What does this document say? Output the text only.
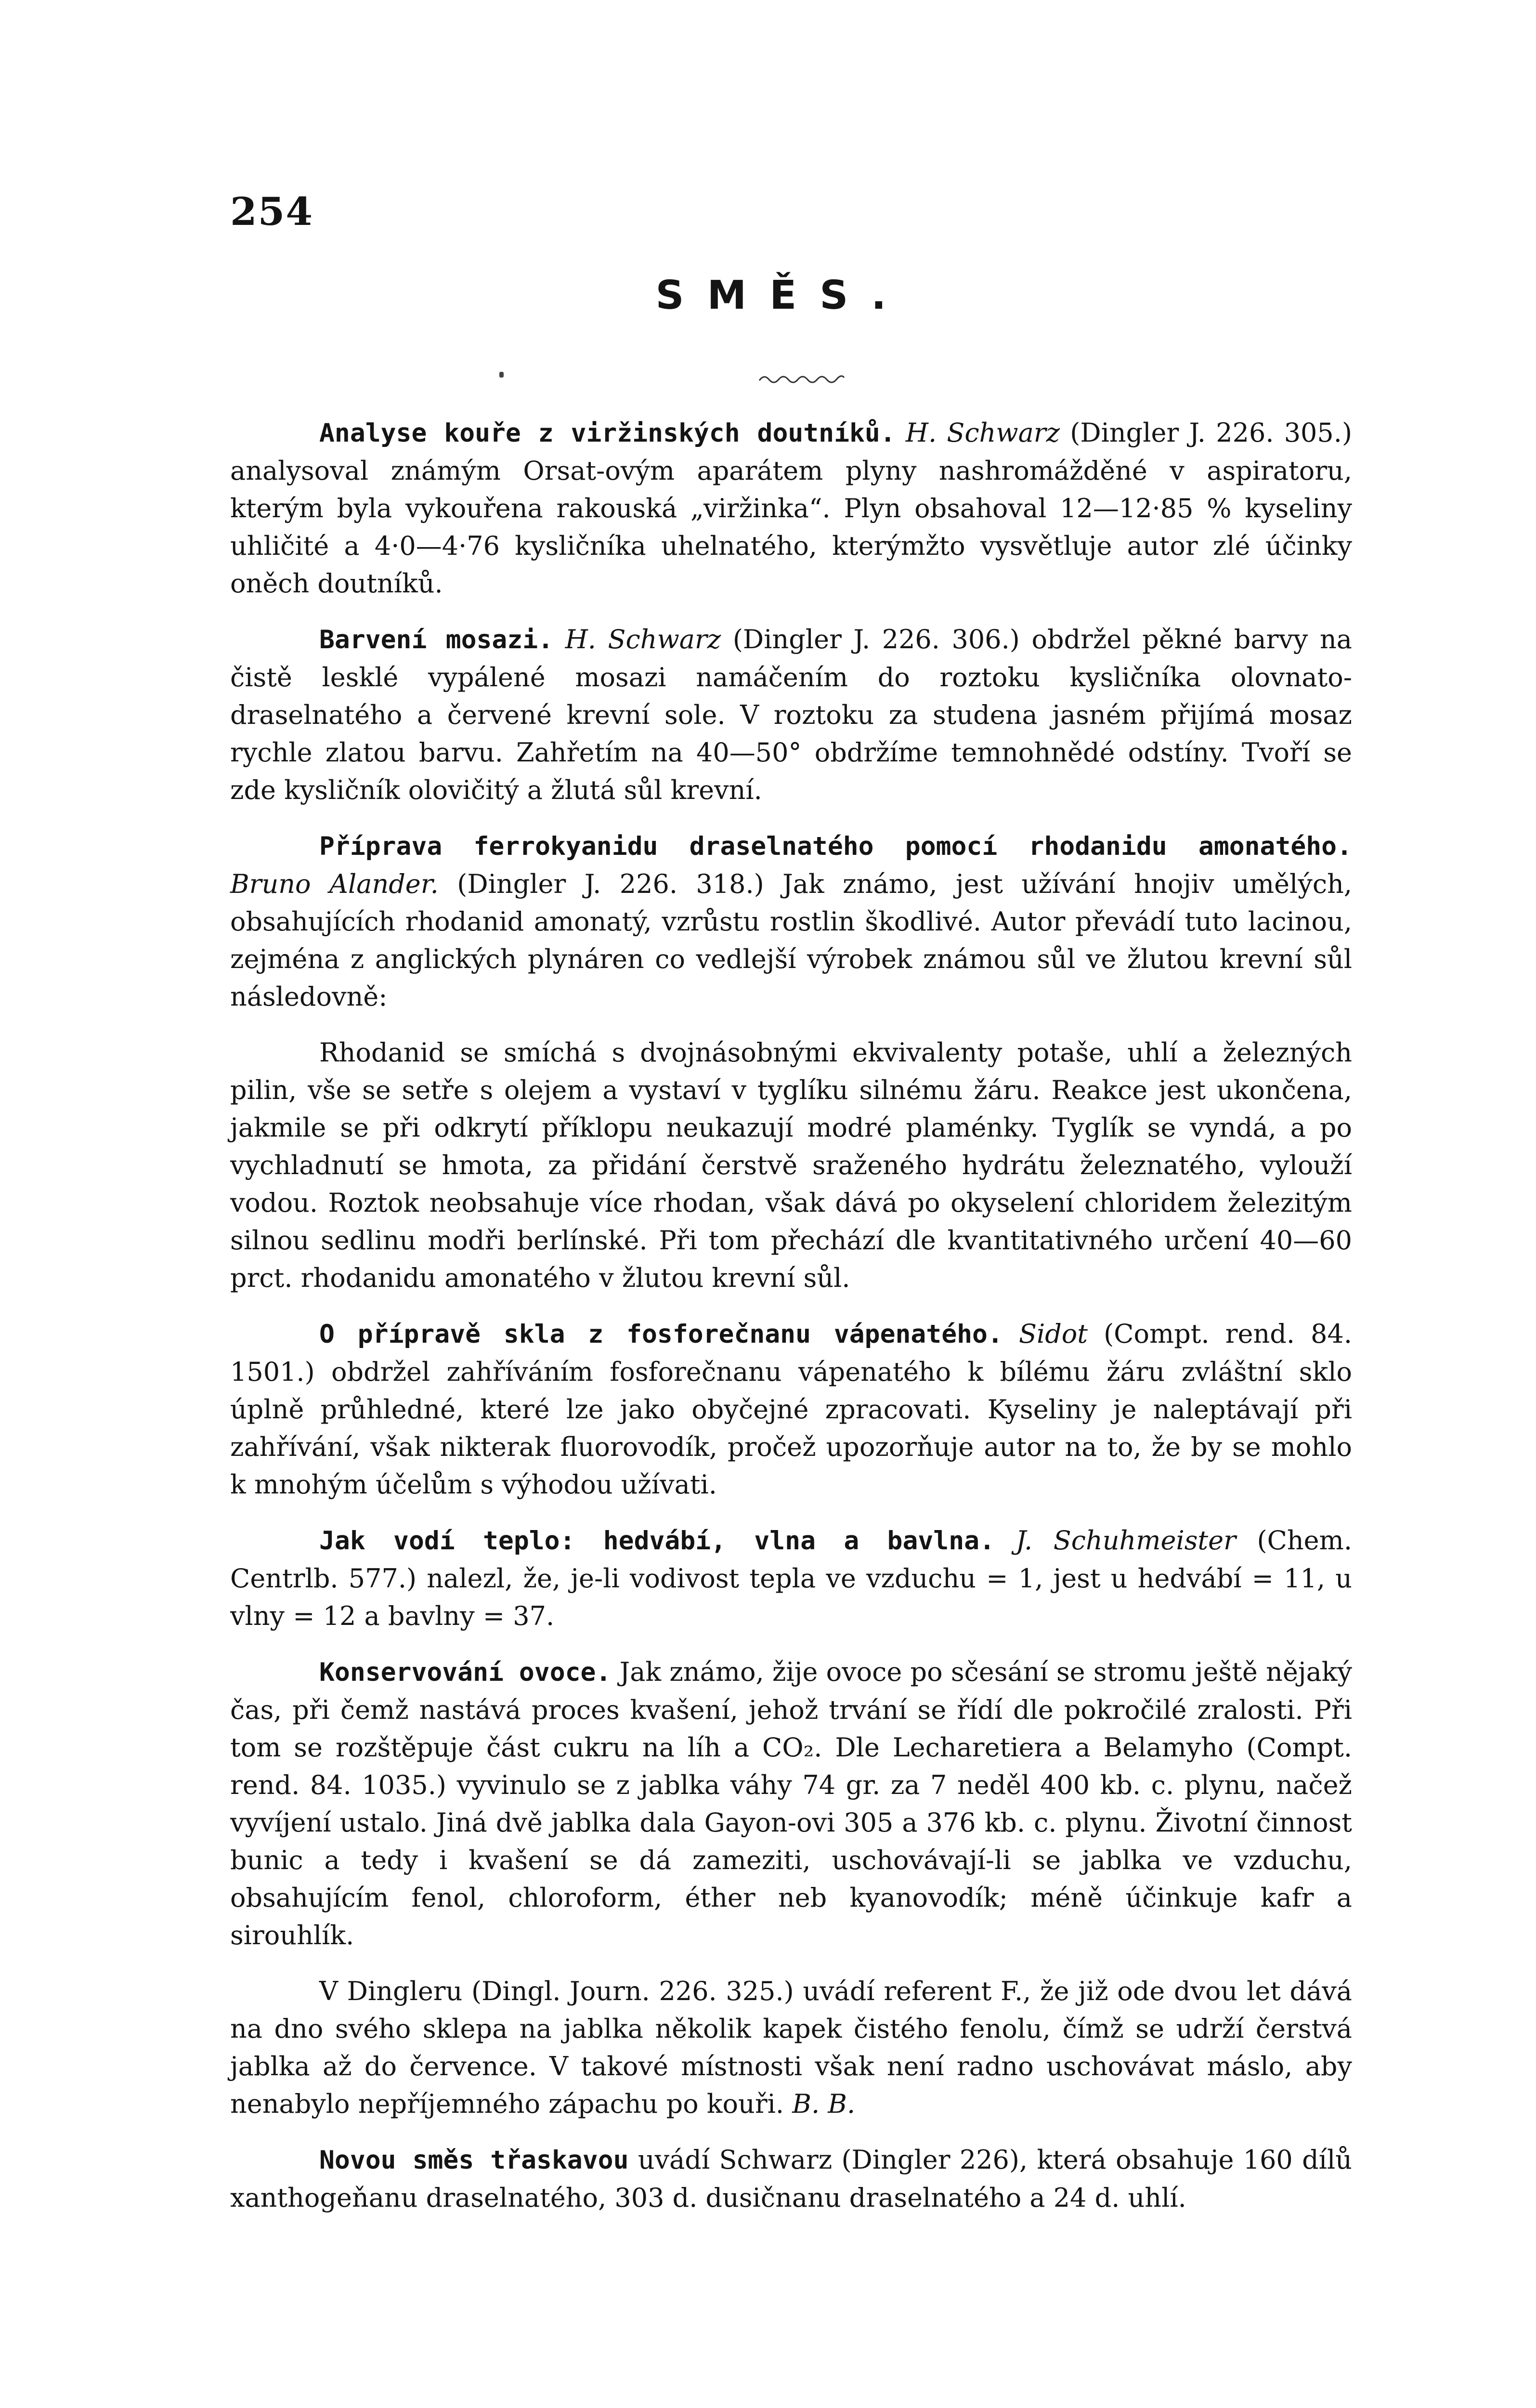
254
SMĚS.

Analyse kouře z viržinských doutníků. H. Schwarz (Dingler J. 226. 305.) analysoval známým Orsat-ovým aparátem plyny nashromážděné v aspiratoru, kterým byla vykouřena rakouská „viržinka“. Plyn obsahoval 12—12·85 % kyseliny uhličité a 4·0—4·76 kysličníka uhelnatého, kterýmžto vysvětluje autor zlé účinky oněch doutníků.

Barvení mosazi. H. Schwarz (Dingler J. 226. 306.) obdržel pěkné barvy na čistě lesklé vypálené mosazi namáčením do roztoku kysličníka olovnato-draselnatého a červené krevní sole. V roztoku za studena jasném přijímá mosaz rychle zlatou barvu. Zahřetím na 40—50° obdržíme temnohnědé odstíny. Tvoří se zde kysličník olovičitý a žlutá sůl krevní.

Příprava ferrokyanidu draselnatého pomocí rhodanidu amonatého. Bruno Alander. (Dingler J. 226. 318.) Jak známo, jest užívání hnojiv umělých, obsahujících rhodanid amonatý, vzrůstu rostlin škodlivé. Autor převádí tuto lacinou, zejména z anglických plynáren co vedlejší výrobek známou sůl ve žlutou krevní sůl následovně:

Rhodanid se smíchá s dvojnásobnými ekvivalenty potaše, uhlí a železných pilin, vše se setře s olejem a vystaví v tyglíku silnému žáru. Reakce jest ukončena, jakmile se při odkrytí příklopu neukazují modré plaménky. Tyglík se vyndá, a po vychladnutí se hmota, za přidání čerstvě sraženého hydrátu železnatého, vylouží vodou. Roztok neobsahuje více rhodan, však dává po okyselení chloridem železitým silnou sedlinu modři berlínské. Při tom přechází dle kvantitativného určení 40—60 prct. rhodanidu amonatého v žlutou krevní sůl.

O přípravě skla z fosforečnanu vápenatého. Sidot (Compt. rend. 84. 1501.) obdržel zahříváním fosforečnanu vápenatého k bílému žáru zvláštní sklo úplně průhledné, které lze jako obyčejné zpracovati. Kyseliny je naleptávají při zahřívání, však nikterak fluorovodík, pročež upozorňuje autor na to, že by se mohlo k mnohým účelům s výhodou užívati.

Jak vodí teplo: hedvábí, vlna a bavlna. J. Schuhmeister (Chem. Centrlb. 577.) nalezl, že, je-li vodivost tepla ve vzduchu = 1, jest u hedvábí = 11, u vlny = 12 a bavlny = 37.

Konservování ovoce. Jak známo, žije ovoce po sčesání se stromu ještě nějaký čas, při čemž nastává proces kvašení, jehož trvání se řídí dle pokročilé zralosti. Při tom se rozštěpuje část cukru na líh a CO₂. Dle Lecharetiera a Belamyho (Compt. rend. 84. 1035.) vyvinulo se z jablka váhy 74 gr. za 7 neděl 400 kb. c. plynu, načež vyvíjení ustalo. Jiná dvě jablka dala Gayon-ovi 305 a 376 kb. c. plynu. Životní činnost bunic a tedy i kvašení se dá zameziti, uschovávají-li se jablka ve vzduchu, obsahujícím fenol, chloroform, éther neb kyanovodík; méně účinkuje kafr a sirouhlík.

V Dingleru (Dingl. Journ. 226. 325.) uvádí referent F., že již ode dvou let dává na dno svého sklepa na jablka několik kapek čistého fenolu, čímž se udrží čerstvá jablka až do července. V takové místnosti však není radno uschovávat máslo, aby nenabylo nepříjemného zápachu po kouři. B. B.

Novou směs třaskavou uvádí Schwarz (Dingler 226), která obsahuje 160 dílů xanthogeňanu draselnatého, 303 d. dusičnanu draselnatého a 24 d. uhlí.
